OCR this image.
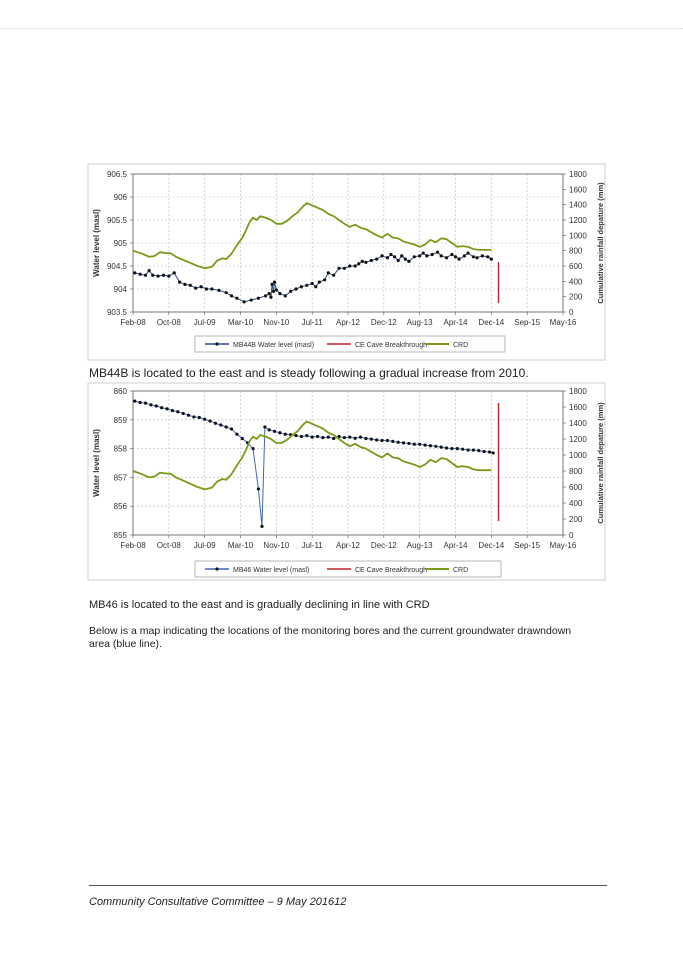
Feb-08 Oct-08 Jul-09 Mar-10 Nov-10 Jul-11 Apr-12 Dec-12 Aug-13 Apr-14 Dec-14 Sep-15 May-16
906.5
906
905.5
905
904.5
904
903.5
1800
1600
1400
1200
1000
800
600
400
200
0
Water level (masl)	Cumulative rainfall depature (mm)
MB44B Water level (masl)	CE Cave Breakthrough	CRD
Feb-08 Oct-08 Jul-09 Mar-10 Nov-10 Jul-11 Apr-12 Dec-12 Aug-13 Apr-14 Dec-14 Sep-15 May-16
860
859
858
857
856
855
1800
1600
1400
1200
1000
800
600
400
200
0
Water level (masl)	Cumulative rainfall depature (mm)
MB46 Water level (masl)	CE Cave Breakthrough	CRD
MB44B is located to the east and is steady following a gradual increase from 2010.
MB46 is located to the east and is gradually declining in line with CRD
Below is a map indicating the locations of the monitoring bores and the current groundwater drawndown area (blue line).
Community Consultative Committee – 9 May 201612
